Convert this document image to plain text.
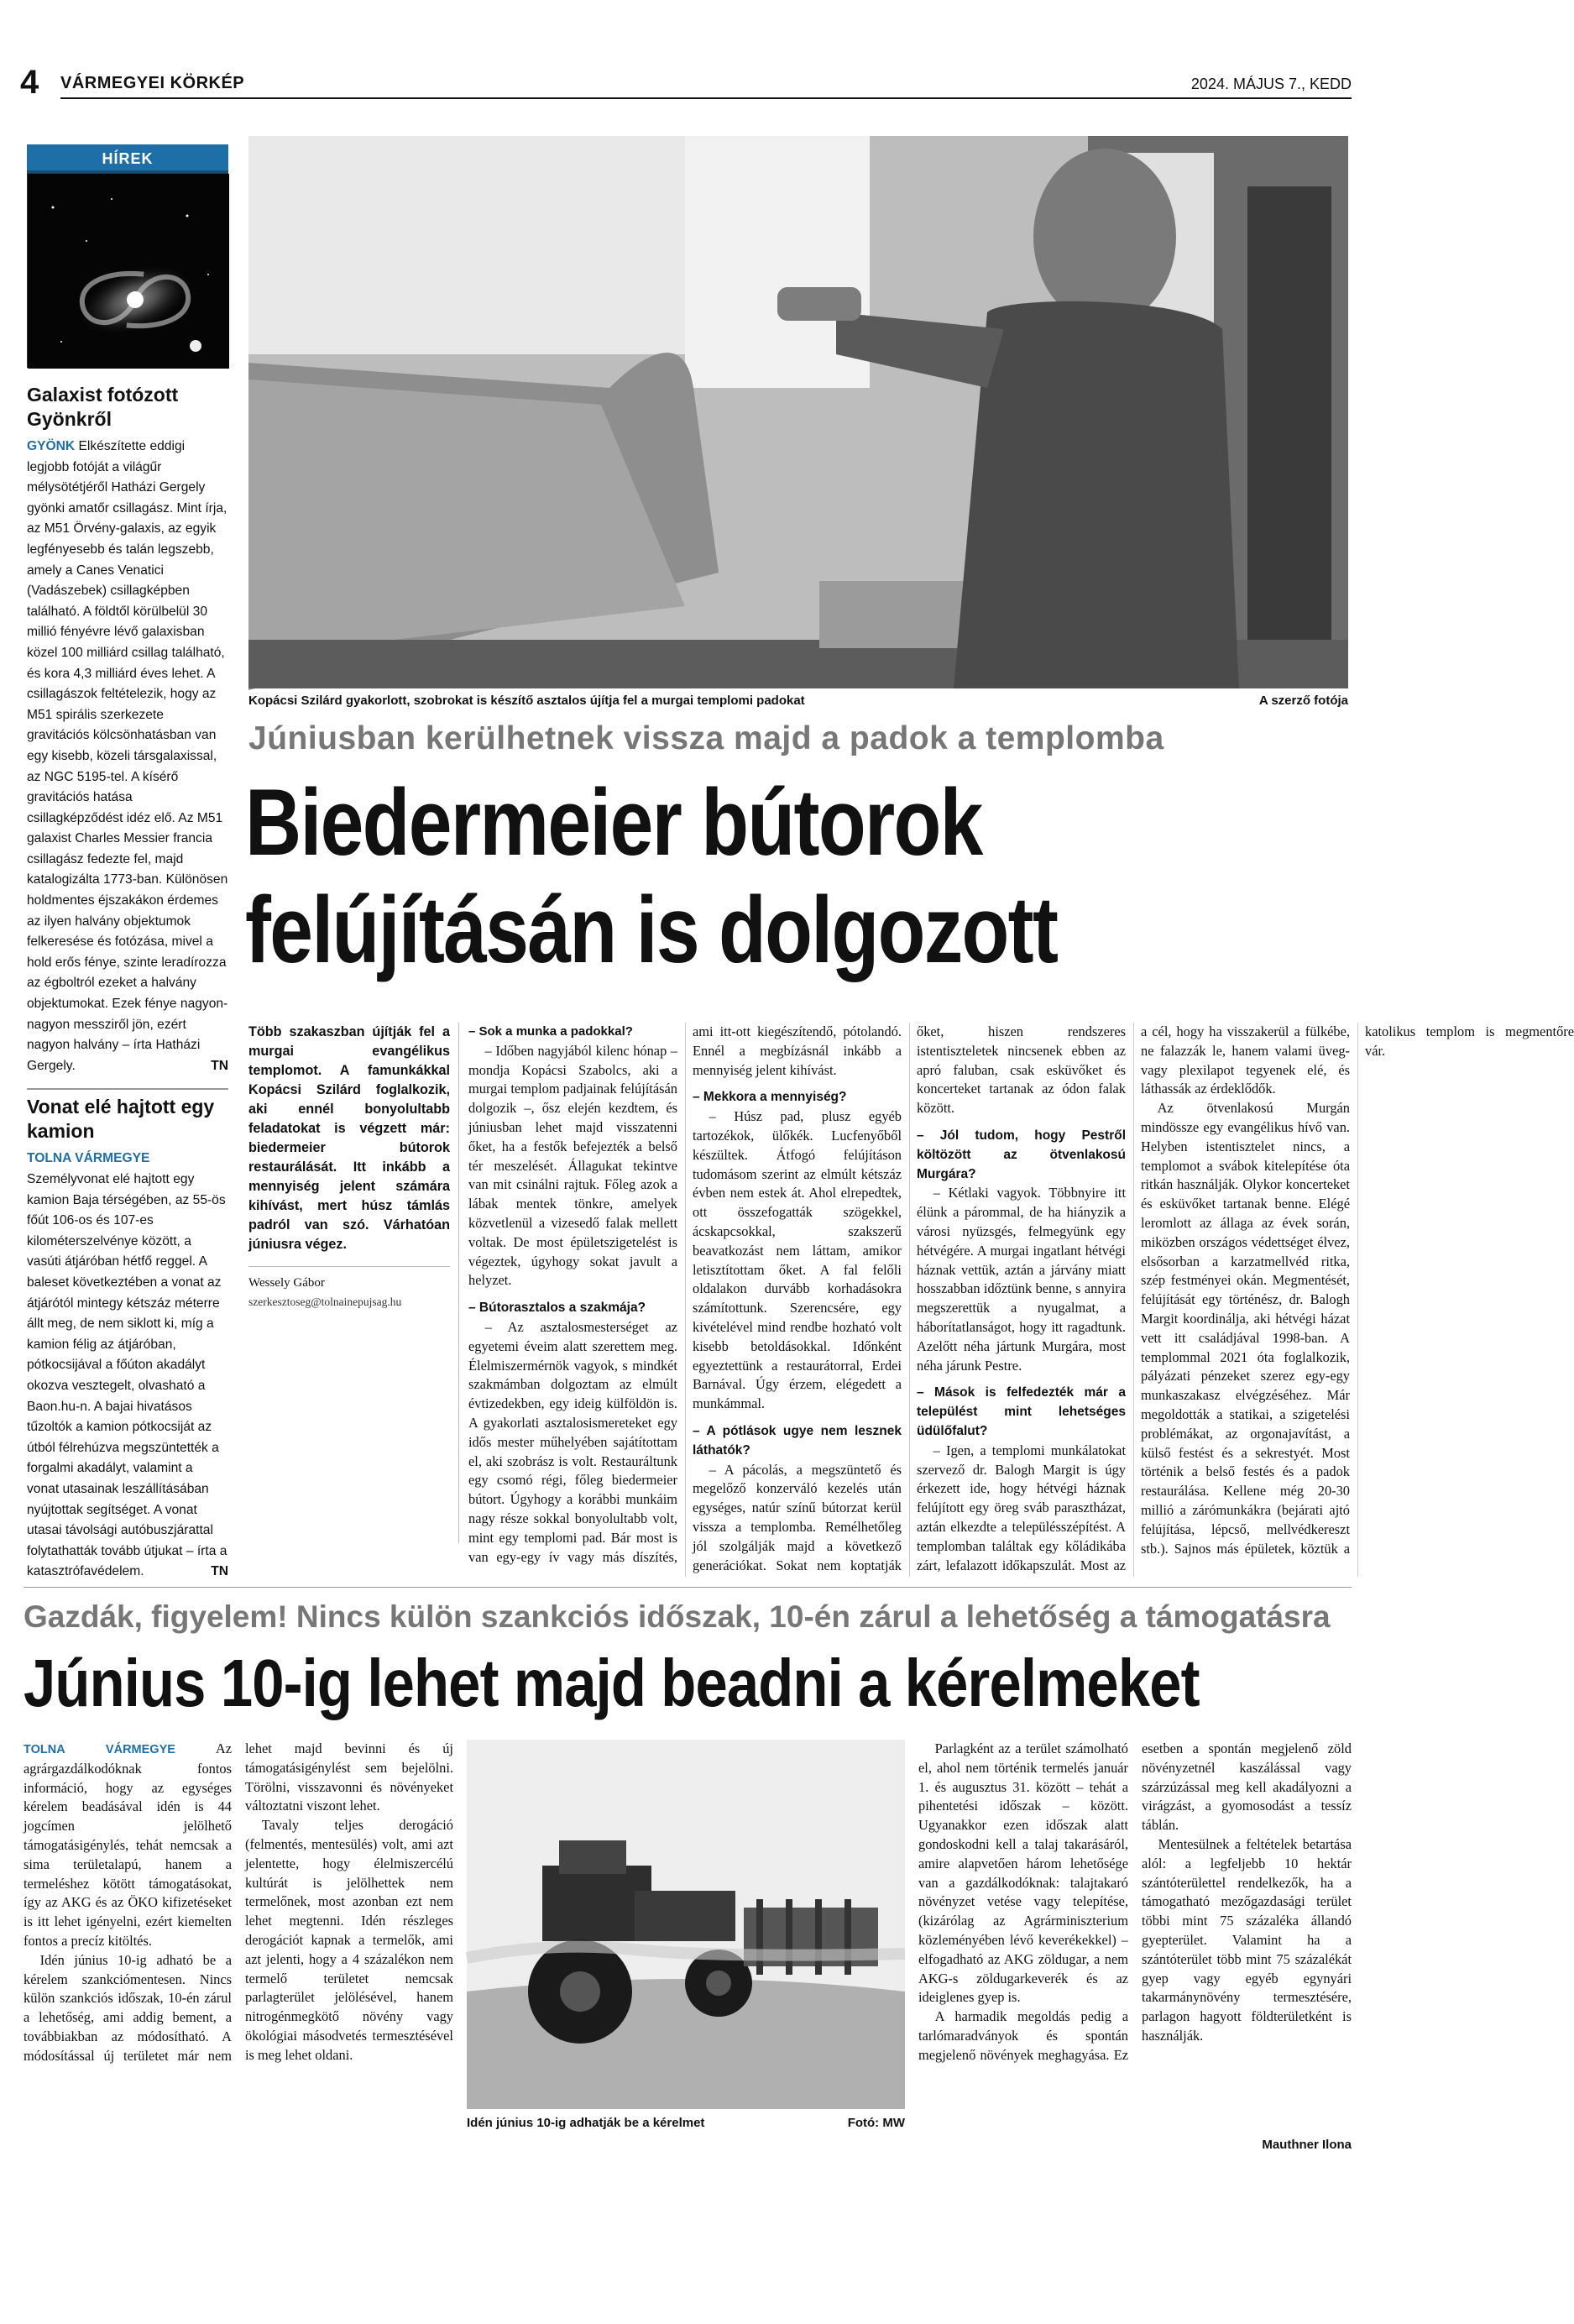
4 VÁRMEGYEI KÖRKÉP	2024. MÁJUS 7., KEDD
HÍREK
Galaxist fotózott Gyönkről
GYÖNK Elkészítette eddigi legjobb fotóját a világűr mélysötétjéről Hatházi Gergely gyönki amatőr csillagász. Mint írja, az M51 Örvény-galaxis, az egyik legfényesebb és talán legszebb, amely a Canes Venatici (Vadászebek) csillagképben található. A földtől körülbelül 30 millió fényévre lévő galaxisban közel 100 milliárd csillag található, és kora 4,3 milliárd éves lehet. A csillagászok feltételezik, hogy az M51 spirális szerkezete gravitációs kölcsönhatásban van egy kisebb, közeli társgalaxissal, az NGC 5195-tel. A kísérő gravitációs hatása csillagképződést idéz elő. Az M51 galaxist Charles Messier francia csillagász fedezte fel, majd katalogizálta 1773-ban. Különösen holdmentes éjszakákon érdemes az ilyen halvány objektumok felkeresése és fotózása, mivel a hold erős fénye, szinte leradírozza az égboltról ezeket a halvány objektumokat. Ezek fénye nagyon-nagyon messziről jön, ezért nagyon halvány – írta Hatházi Gergely.	TN
Vonat elé hajtott egy kamion
TOLNA VÁRMEGYE Személyvonat elé hajtott egy kamion Baja térségében, az 55-ös főút 106-os és 107-es kilométerszelvénye között, a vasúti átjáróban hétfő reggel. A baleset következtében a vonat az átjárótól mintegy kétszáz méterre állt meg, de nem siklott ki, míg a kamion félig az átjáróban, pótkocsijával a főúton akadályt okozva vesztegelt, olvasható a Baon.hu-n. A bajai hivatásos tűzoltók a kamion pótkocsiját az útból félrehúzva megszüntették a forgalmi akadályt, valamint a vonat utasainak leszállításában nyújtottak segítséget. A vonat utasai távolsági autóbuszjárattal folytathatták tovább útjukat – írta a katasztrófavédelem.	TN
Kopácsi Szilárd gyakorlott, szobrokat is készítő asztalos újítja fel a murgai templomi padokat	A szerző fotója
Júniusban kerülhetnek vissza majd a padok a templomba
Biedermeier bútorok
felújításán is dolgozott
Több szakaszban újítják fel a murgai evangélikus templomot. A famunkákkal Kopácsi Szilárd foglalkozik, aki ennél bonyolultabb feladatokat is végzett már: biedermeier bútorok restaurálását. Itt inkább a mennyiség jelent számára kihívást, mert húsz támlás padról van szó. Várhatóan júniusra végez.
Wessely Gábor
szerkesztoseg@tolnainepujsag.hu
– Sok a munka a padokkal?

– Időben nagyjából kilenc hónap – mondja Kopácsi Szabolcs, aki a murgai templom padjainak felújításán dolgozik –, ősz elején kezdtem, és júniusban lehet majd visszatenni őket, ha a festők befejezték a belső tér meszelését. Állagukat tekintve van mit csinálni rajtuk. Főleg azok a lábak mentek tönkre, amelyek közvetlenül a vizesedő falak mellett voltak. De most épületszigetelést is végeztek, úgyhogy sokat javult a helyzet.

– Bútorasztalos a szakmája?

– Az asztalosmesterséget az egyetemi éveim alatt szerettem meg. Élelmiszermérnök vagyok, s mindkét szakmámban dolgoztam az elmúlt évtizedekben, egy ideig külföldön is. A gyakorlati asztalosismereteket egy idős mester műhelyében sajátítottam el, aki szobrász is volt. Restauráltunk egy csomó régi, főleg biedermeier bútort. Úgyhogy a korábbi munkáim nagy része sokkal bonyolultabb volt, mint egy templomi pad. Bár most is van egy-egy ív vagy más díszítés, ami itt-ott kiegészítendő, pótolandó. Ennél a megbízásnál inkább a mennyiség jelent kihívást.

– Mekkora a mennyiség?

– Húsz pad, plusz egyéb tartozékok, ülőkék. Lucfenyőből készültek. Átfogó felújításon tudomásom szerint az elmúlt kétszáz évben nem estek át. Ahol elrepedtek, ott összefogatták szögekkel, ácskapcsokkal, szakszerű beavatkozást nem láttam, amikor letisztítottam őket. A fal felőli oldalakon durvább korhadásokra számítottunk. Szerencsére, egy kivételével mind rendbe hozható volt kisebb betoldásokkal. Időnként egyeztettünk a restaurátorral, Erdei Barnával. Úgy érzem, elégedett a munkámmal.

– A pótlások ugye nem lesznek láthatók?

– A pácolás, a megszüntető és megelőző konzerváló kezelés után egységes, natúr színű bútorzat kerül vissza a templomba. Remélhetőleg jól szolgálják majd a következő generációkat. Sokat nem koptatják őket, hiszen rendszeres istentiszteletek nincsenek ebben az apró faluban, csak esküvőket és koncerteket tartanak az ódon falak között.

– Jól tudom, hogy Pestről költözött az ötvenlakosú Murgára?

– Kétlaki vagyok. Többnyire itt élünk a párommal, de ha hiányzik a városi nyüzsgés, felmegyünk egy hétvégére. A murgai ingatlant hétvégi háznak vettük, aztán a járvány miatt hosszabban időztünk benne, s annyira megszerettük a nyugalmat, a háborítatlanságot, hogy itt ragadtunk. Azelőtt néha jártunk Murgára, most néha járunk Pestre.

– Mások is felfedezték már a települést mint lehetséges üdülőfalut?

– Igen, a templomi munkálatokat szervező dr. Balogh Margit is úgy érkezett ide, hogy hétvégi háznak felújított egy öreg sváb parasztházat, aztán elkezdte a településszépítést. A templomban találtak egy kőládikába zárt, lefalazott időkapszulát. Most az a cél, hogy ha visszakerül a fülkébe, ne falazzák le, hanem valami üveg- vagy plexilapot tegyenek elé, és láthassák az érdeklődők.

Az ötvenlakosú Murgán mindössze egy evangélikus hívő van. Helyben istentisztelet nincs, a templomot a svábok kitelepítése óta ritkán használják. Olykor koncerteket és esküvőket tartanak benne. Elégé leromlott az állaga az évek során, miközben országos védettséget élvez, elsősorban a karzatmellvéd ritka, szép festményei okán. Megmentését, felújítását egy történész, dr. Balogh Margit koordinálja, aki hétvégi házat vett itt családjával 1998-ban. A templommal 2021 óta foglalkozik, pályázati pénzeket szerez egy-egy munkaszakasz elvégzéséhez. Már megoldották a statikai, a szigetelési problémákat, az orgonajavítást, a külső festést és a sekrestyét. Most történik a belső festés és a padok restaurálása. Kellene még 20-30 millió a zárómunkákra (bejárati ajtó felújítása, lépcső, mellvédkereszt stb.). Sajnos más épületek, köztük a katolikus templom is megmentőre vár.

Gazdák, figyelem! Nincs külön szankciós időszak, 10-én zárul a lehetőség a támogatásra
Június 10-ig lehet majd beadni a kérelmeket

TOLNA VÁRMEGYE	Az agrárgazdálkodóknak fontos információ, hogy az egységes kérelem beadásával idén is 44 jogcímen jelölhető támogatásigénylés, tehát nemcsak a sima területalapú, hanem a termeléshez kötött támogatásokat, így az AKG és az ÖKO kifizetéseket is itt lehet igényelni, ezért kiemelten fontos a precíz kitöltés.

Idén június 10-ig adható be a kérelem szankciómentesen. Nincs külön szankciós időszak, 10-én zárul a lehetőség, ami addig bement, a továbbiakban az módosítható. A módosítással új területet már nem lehet majd bevinni és új támogatásigénylést sem bejelölni. Törölni, visszavonni és növényeket változtatni viszont lehet.

Tavaly teljes derogáció (felmentés, mentesülés) volt, ami azt jelentette, hogy élelmiszercélú kultúrát is jelölhettek nem termelőnek, most azonban ezt nem lehet megtenni. Idén részleges derogációt kapnak a termelők, ami azt jelenti, hogy a 4 százalékon nem termelő területet nemcsak parlagterület jelölésével, hanem nitrogénmegkötő növény vagy ökológiai másodvetés termesztésével is meg lehet oldani.

Idén június 10-ig adhatják be a kérelmet	Fotó: MW

Parlagként az a terület számolható el, ahol nem történik termelés január 1. és augusztus 31. között – tehát a pihentetési időszak – között. Ugyanakkor ezen időszak alatt gondoskodni kell a talaj takarásáról, amire alapvetően három lehetősége van a gazdálkodóknak: talajtakaró növényzet vetése vagy telepítése, (kizárólag az Agrárminiszterium közleményében lévő keverékekkel) – elfogadható az AKG zöldugar, a nem AKG-s zöldugarkeverék és az ideiglenes gyep is.

A harmadik megoldás pedig a tarlómaradványok és spontán megjelenő növények meghagyása. Ez esetben a spontán megjelenő zöld növényzetnél kaszálással vagy szárzúzással meg kell akadályozni a virágzást, a gyomosodást a tessíz táblán.

Mentesülnek a feltételek betartása alól: a legfeljebb 10 hektár szántóterülettel rendelkezők, ha a támogatható mezőgazdasági terület többi mint 75 százaléka állandó gyepterület. Valamint ha a szántóterület több mint 75 százalékát gyep vagy egyéb egynyári takarmánynövény termesztésére, parlagon hagyott földterületként is használják.

Mauthner Ilona
